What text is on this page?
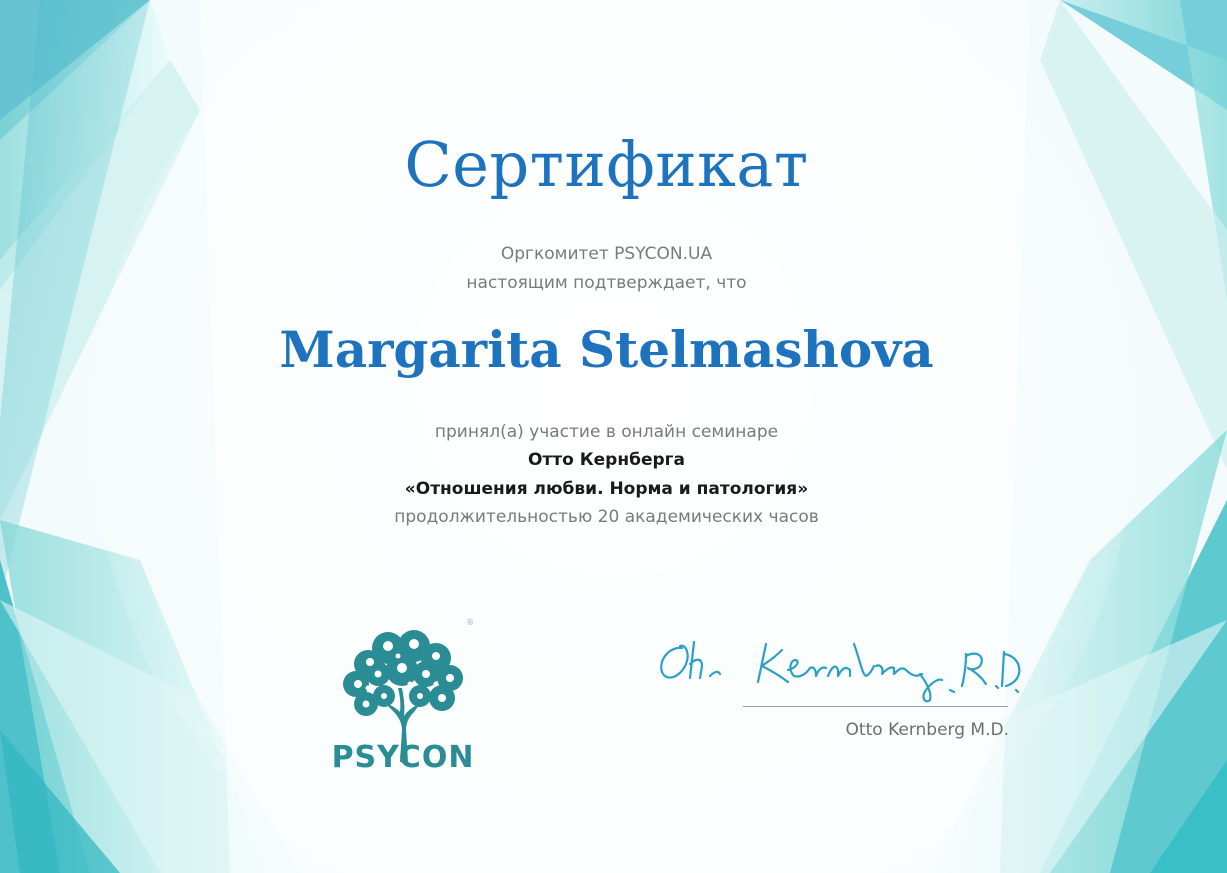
Сертификат
Оргкомитет PSYCON.UA
настоящим подтверждает, что
Margarita Stelmashova
принял(а) участие в онлайн семинаре
Отто Кернберга
«Отношения любви. Норма и патология»
продолжительностью 20 академических часов
®
PSYCON
Otto Kernberg M.D.
